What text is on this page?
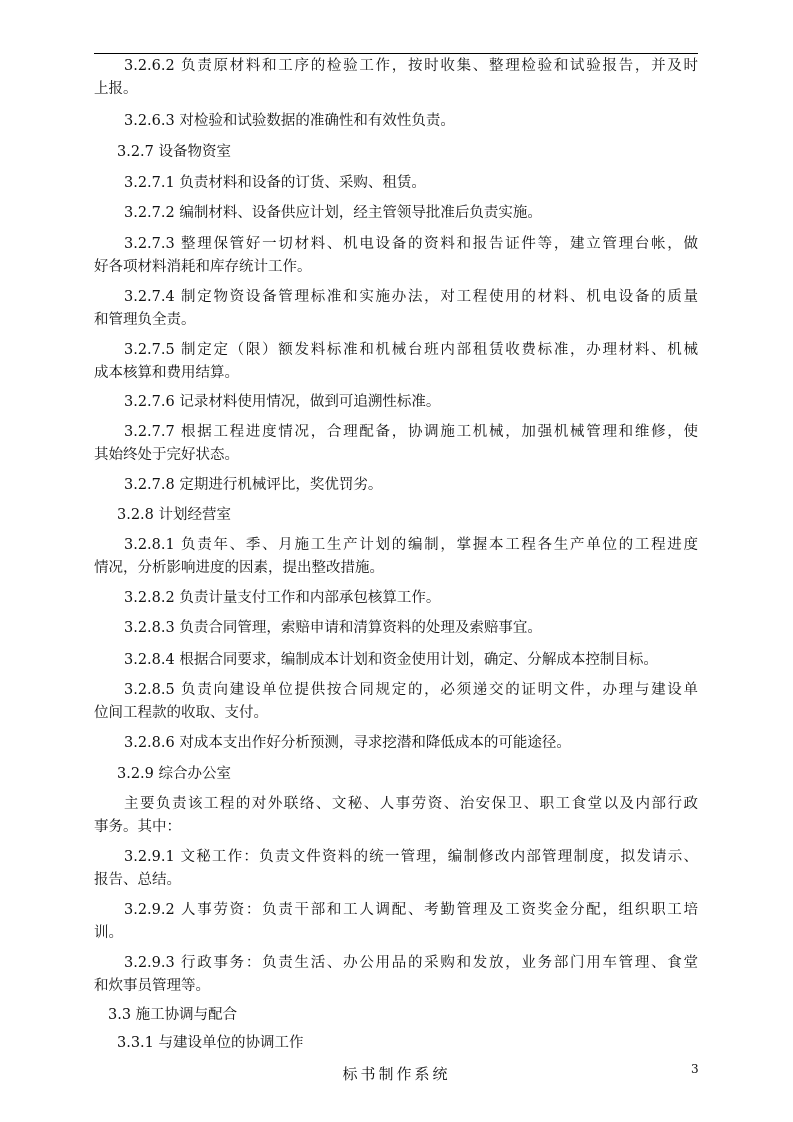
3.2.6.2 负责原材料和工序的检验工作，按时收集、整理检验和试验报告，并及时
上报。
3.2.6.3 对检验和试验数据的准确性和有效性负责。
3.2.7 设备物资室
3.2.7.1 负责材料和设备的订货、采购、租赁。
3.2.7.2 编制材料、设备供应计划，经主管领导批准后负责实施。
3.2.7.3 整理保管好一切材料、机电设备的资料和报告证件等，建立管理台帐，做
好各项材料消耗和库存统计工作。
3.2.7.4 制定物资设备管理标准和实施办法，对工程使用的材料、机电设备的质量
和管理负全责。
3.2.7.5 制定定（限）额发料标准和机械台班内部租赁收费标准，办理材料、机械
成本核算和费用结算。
3.2.7.6 记录材料使用情况，做到可追溯性标准。
3.2.7.7 根据工程进度情况，合理配备，协调施工机械，加强机械管理和维修，使
其始终处于完好状态。
3.2.7.8 定期进行机械评比，奖优罚劣。
3.2.8 计划经营室
3.2.8.1 负责年、季、月施工生产计划的编制，掌握本工程各生产单位的工程进度
情况，分析影响进度的因素，提出整改措施。
3.2.8.2 负责计量支付工作和内部承包核算工作。
3.2.8.3 负责合同管理，索赔申请和清算资料的处理及索赔事宜。
3.2.8.4 根据合同要求，编制成本计划和资金使用计划，确定、分解成本控制目标。
3.2.8.5 负责向建设单位提供按合同规定的，必须递交的证明文件，办理与建设单
位间工程款的收取、支付。
3.2.8.6 对成本支出作好分析预测，寻求挖潜和降低成本的可能途径。
3.2.9 综合办公室
主要负责该工程的对外联络、文秘、人事劳资、治安保卫、职工食堂以及内部行政
事务。其中：
3.2.9.1 文秘工作：负责文件资料的统一管理，编制修改内部管理制度，拟发请示、
报告、总结。
3.2.9.2 人事劳资：负责干部和工人调配、考勤管理及工资奖金分配，组织职工培
训。
3.2.9.3 行政事务：负责生活、办公用品的采购和发放，业务部门用车管理、食堂
和炊事员管理等。
3.3 施工协调与配合
3.3.1 与建设单位的协调工作
标书制作系统	3
